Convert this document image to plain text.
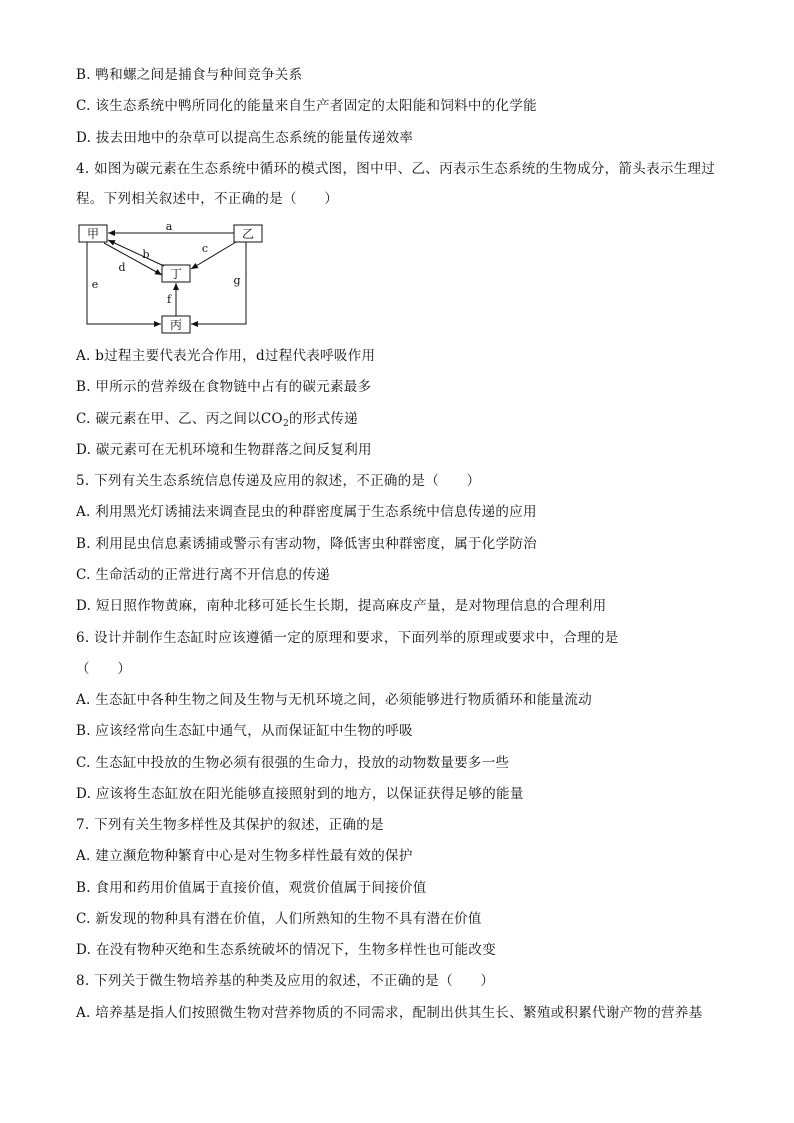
B. 鸭和螺之间是捕食与种间竞争关系
C. 该生态系统中鸭所同化的能量来自生产者固定的太阳能和饲料中的化学能
D. 拔去田地中的杂草可以提高生态系统的能量传递效率
4. 如图为碳元素在生态系统中循环的模式图，图中甲、乙、丙表示生态系统的生物成分，箭头表示生理过
程。下列相关叙述中，不正确的是（　　）
甲	乙
丁
丙
a
b	c
d
e
f
g
A. b过程主要代表光合作用，d过程代表呼吸作用
B. 甲所示的营养级在食物链中占有的碳元素最多
C. 碳元素在甲、乙、丙之间以$CO_2$的形式传递
D. 碳元素可在无机环境和生物群落之间反复利用
5. 下列有关生态系统信息传递及应用的叙述，不正确的是（　　）
A. 利用黑光灯诱捕法来调查昆虫的种群密度属于生态系统中信息传递的应用
B. 利用昆虫信息素诱捕或警示有害动物，降低害虫种群密度，属于化学防治
C. 生命活动的正常进行离不开信息的传递
D. 短日照作物黄麻，南种北移可延长生长期，提高麻皮产量，是对物理信息的合理利用
6. 设计并制作生态缸时应该遵循一定的原理和要求，下面列举的原理或要求中，合理的是
（　　）
A. 生态缸中各种生物之间及生物与无机环境之间，必须能够进行物质循环和能量流动
B. 应该经常向生态缸中通气，从而保证缸中生物的呼吸
C. 生态缸中投放的生物必须有很强的生命力，投放的动物数量要多一些
D. 应该将生态缸放在阳光能够直接照射到的地方，以保证获得足够的能量
7. 下列有关生物多样性及其保护的叙述，正确的是
A. 建立濒危物种繁育中心是对生物多样性最有效的保护
B. 食用和药用价值属于直接价值，观赏价值属于间接价值
C. 新发现的物种具有潜在价值，人们所熟知的生物不具有潜在价值
D. 在没有物种灭绝和生态系统破坏的情况下，生物多样性也可能改变
8. 下列关于微生物培养基的种类及应用的叙述，不正确的是（　　）
A. 培养基是指人们按照微生物对营养物质的不同需求，配制出供其生长、繁殖或积累代谢产物的营养基
